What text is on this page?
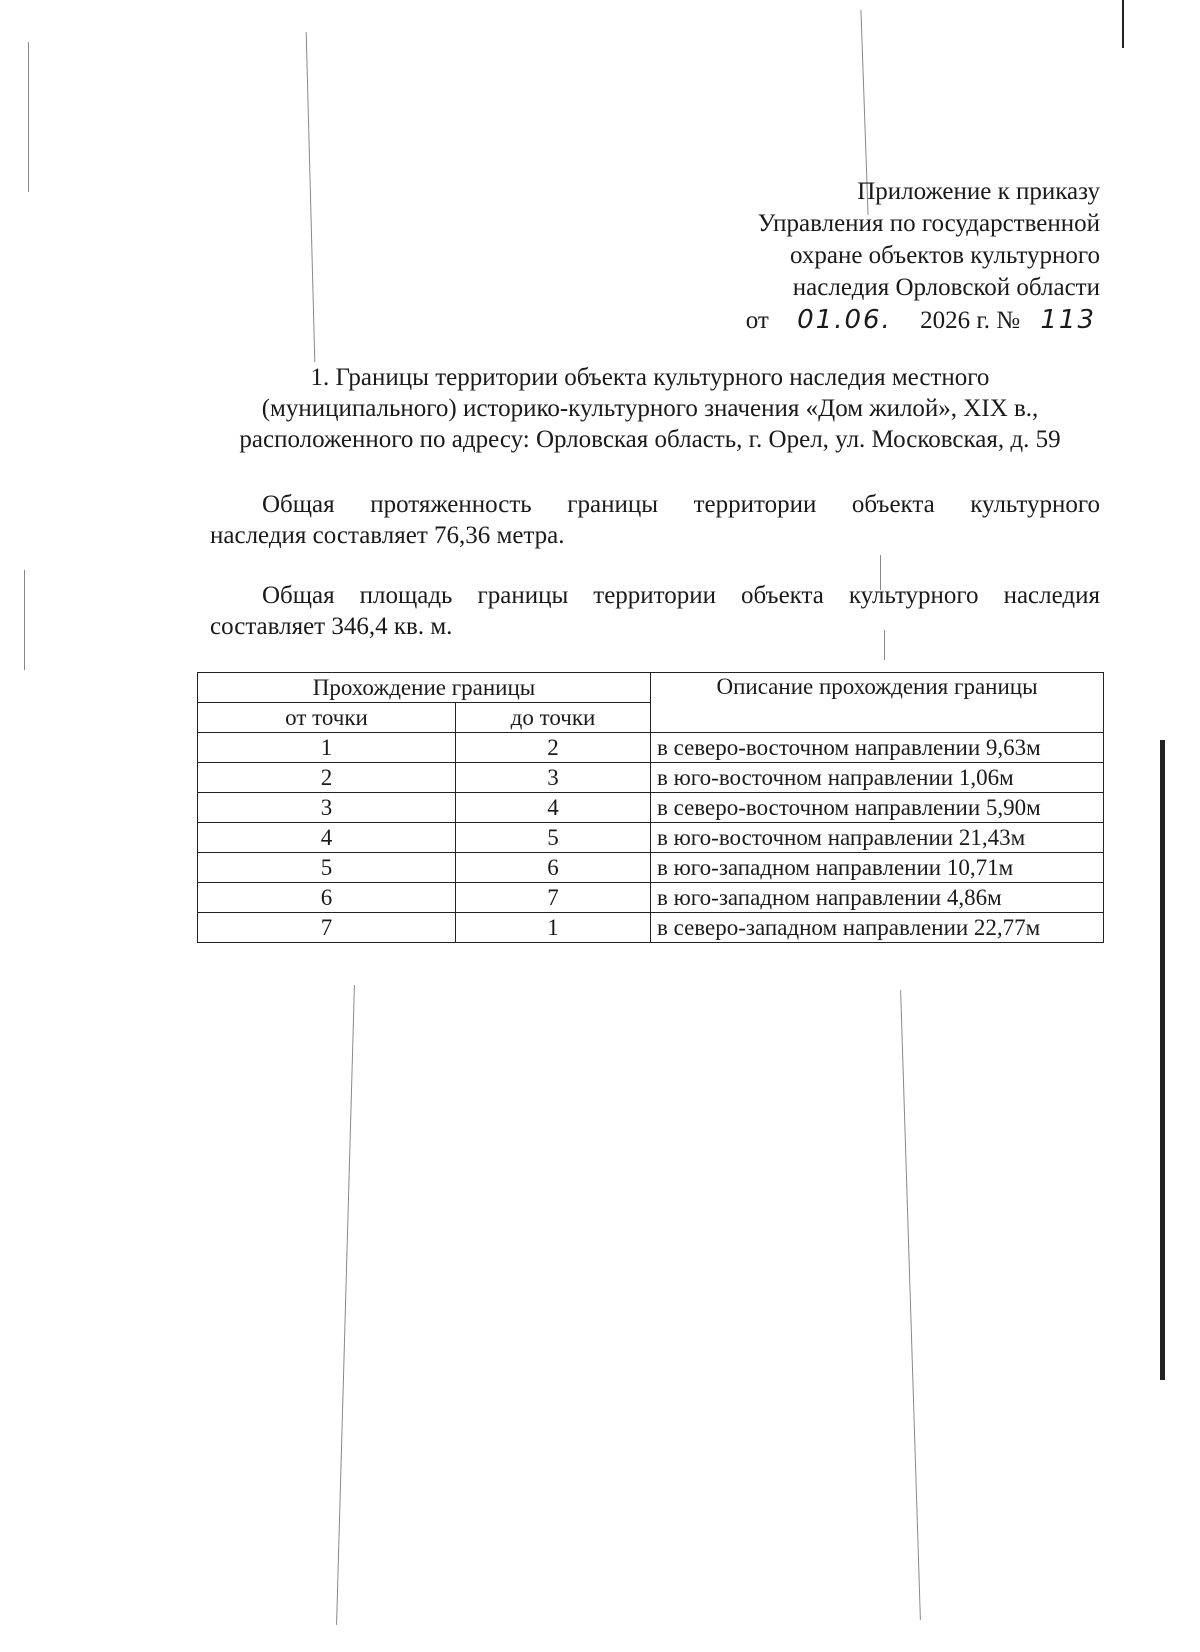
Приложение к приказу
Управления по государственной
охране объектов культурного
наследия Орловской области
от 01.06. 2026 г. № 113
1. Границы территории объекта культурного наследия местного
(муниципального) историко-культурного значения «Дом жилой», XIX в.,
расположенного по адресу: Орловская область, г. Орел, ул. Московская, д. 59
Общая протяженность границы территории объекта культурного
наследия составляет 76,36 метра.
Общая площадь границы территории объекта культурного наследия
составляет 346,4 кв. м.
Прохождение границы		Описание прохождения границы
от точки	до точки	
1	2	в северо-восточном направлении 9,63м
2	3	в юго-восточном направлении 1,06м
3	4	в северо-восточном направлении 5,90м
4	5	в юго-восточном направлении 21,43м
5	6	в юго-западном направлении 10,71м
6	7	в юго-западном направлении 4,86м
7	1	в северо-западном направлении 22,77м
